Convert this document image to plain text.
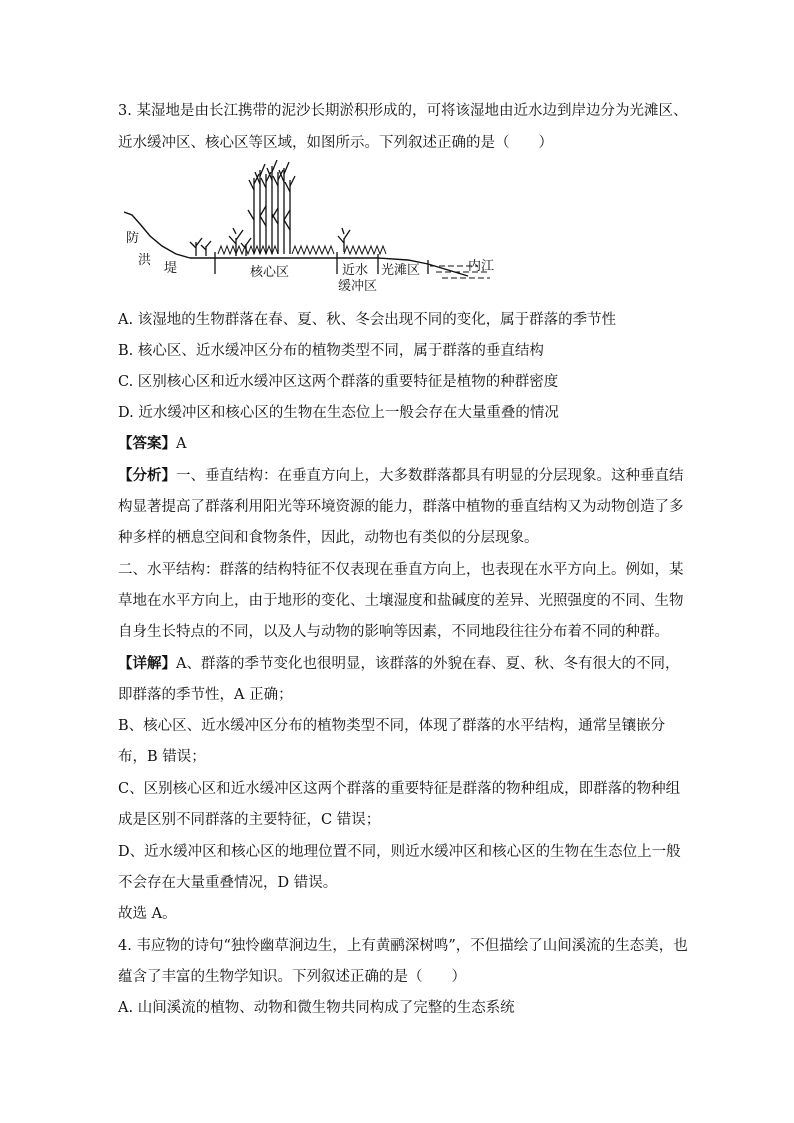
3. 某湿地是由长江携带的泥沙长期淤积形成的，可将该湿地由近水边到岸边分为光滩区、
近水缓冲区、核心区等区域，如图所示。下列叙述正确的是（　　）
防
洪
堤	核心区	近水
缓冲区
光滩区	内江
A. 该湿地的生物群落在春、夏、秋、冬会出现不同的变化，属于群落的季节性
B. 核心区、近水缓冲区分布的植物类型不同，属于群落的垂直结构
C. 区别核心区和近水缓冲区这两个群落的重要特征是植物的种群密度
D. 近水缓冲区和核心区的生物在生态位上一般会存在大量重叠的情况
【答案】A
【分析】一、垂直结构：在垂直方向上，大多数群落都具有明显的分层现象。这种垂直结
构显著提高了群落利用阳光等环境资源的能力，群落中植物的垂直结构又为动物创造了多
种多样的栖息空间和食物条件，因此，动物也有类似的分层现象。
二、水平结构：群落的结构特征不仅表现在垂直方向上，也表现在水平方向上。例如，某
草地在水平方向上，由于地形的变化、土壤湿度和盐碱度的差异、光照强度的不同、生物
自身生长特点的不同，以及人与动物的影响等因素，不同地段往往分布着不同的种群。
【详解】A、群落的季节变化也很明显，该群落的外貌在春、夏、秋、冬有很大的不同，
即群落的季节性，A 正确；
B、核心区、近水缓冲区分布的植物类型不同，体现了群落的水平结构，通常呈镶嵌分
布，B 错误；
C、区别核心区和近水缓冲区这两个群落的重要特征是群落的物种组成，即群落的物种组
成是区别不同群落的主要特征，C 错误；
D、近水缓冲区和核心区的地理位置不同，则近水缓冲区和核心区的生物在生态位上一般
不会存在大量重叠情况，D 错误。
故选 A。
4. 韦应物的诗句“独怜幽草涧边生，上有黄鹂深树鸣”，不但描绘了山间溪流的生态美，也
蕴含了丰富的生物学知识。下列叙述正确的是（　　）
A. 山间溪流的植物、动物和微生物共同构成了完整的生态系统
